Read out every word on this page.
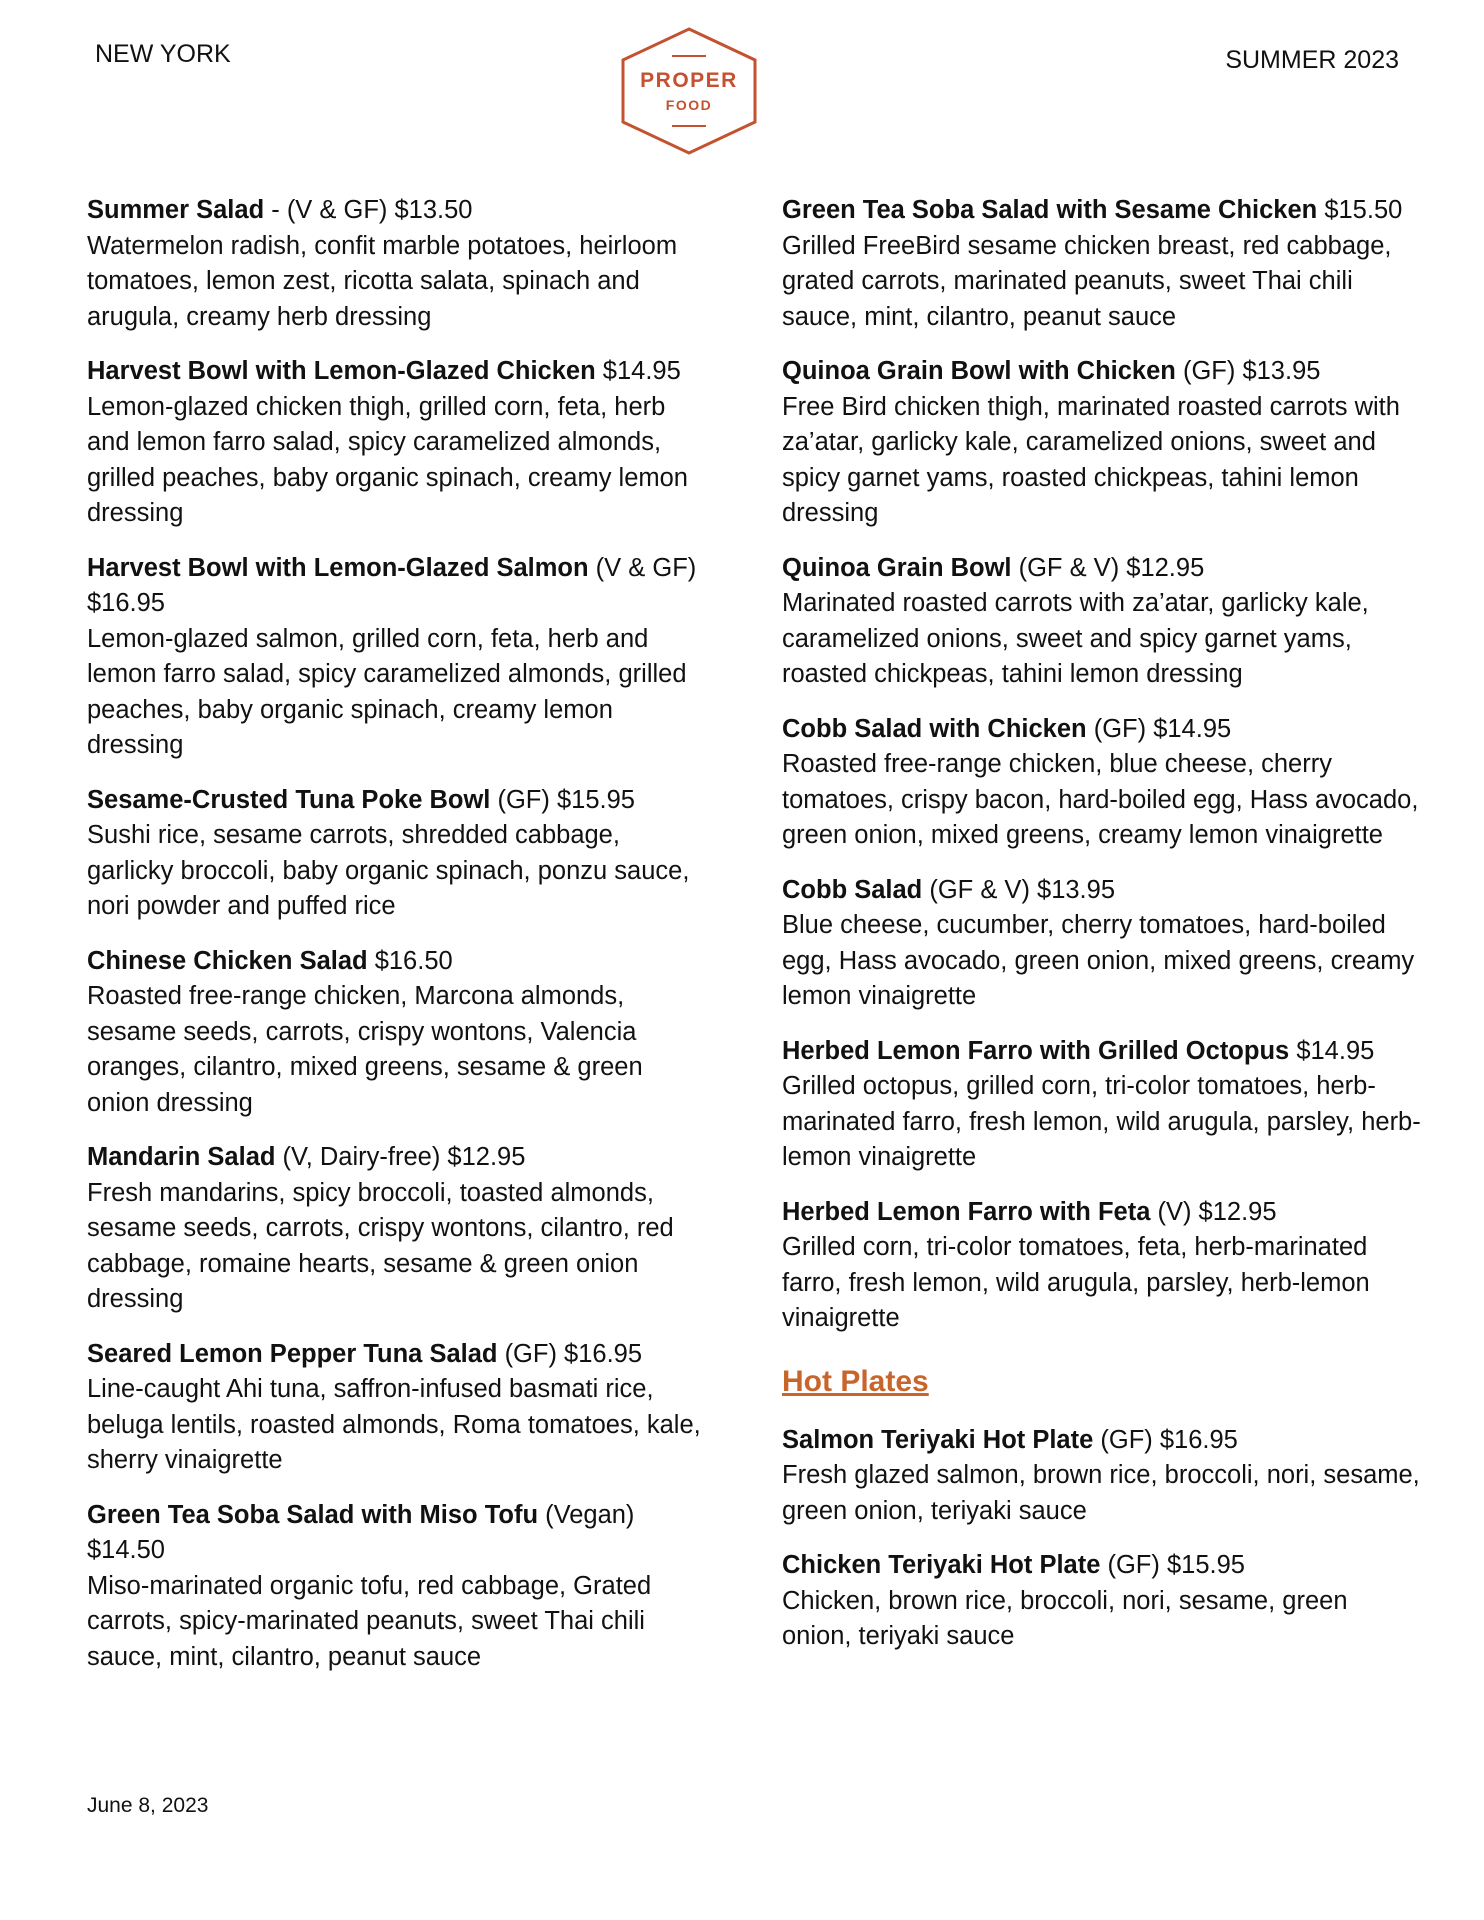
NEW YORK
PROPER
FOOD
SUMMER 2023
Summer Salad - (V & GF) $13.50
Watermelon radish, confit marble potatoes, heirloom tomatoes, lemon zest, ricotta salata, spinach and arugula, creamy herb dressing
Harvest Bowl with Lemon-Glazed Chicken $14.95
Lemon-glazed chicken thigh, grilled corn, feta, herb and lemon farro salad, spicy caramelized almonds, grilled peaches, baby organic spinach, creamy lemon dressing
Harvest Bowl with Lemon-Glazed Salmon (V & GF) $16.95
Lemon-glazed salmon, grilled corn, feta, herb and lemon farro salad, spicy caramelized almonds, grilled peaches, baby organic spinach, creamy lemon dressing
Sesame-Crusted Tuna Poke Bowl (GF) $15.95
Sushi rice, sesame carrots, shredded cabbage, garlicky broccoli, baby organic spinach, ponzu sauce, nori powder and puffed rice
Chinese Chicken Salad $16.50
Roasted free-range chicken, Marcona almonds, sesame seeds, carrots, crispy wontons, Valencia oranges, cilantro, mixed greens, sesame & green onion dressing
Mandarin Salad (V, Dairy-free) $12.95
Fresh mandarins, spicy broccoli, toasted almonds, sesame seeds, carrots, crispy wontons, cilantro, red cabbage, romaine hearts, sesame & green onion dressing
Seared Lemon Pepper Tuna Salad (GF) $16.95
Line-caught Ahi tuna, saffron-infused basmati rice, beluga lentils, roasted almonds, Roma tomatoes, kale, sherry vinaigrette
Green Tea Soba Salad with Miso Tofu (Vegan) $14.50
Miso-marinated organic tofu, red cabbage, Grated carrots, spicy-marinated peanuts, sweet Thai chili sauce, mint, cilantro, peanut sauce
Green Tea Soba Salad with Sesame Chicken $15.50
Grilled FreeBird sesame chicken breast, red cabbage, grated carrots, marinated peanuts, sweet Thai chili sauce, mint, cilantro, peanut sauce
Quinoa Grain Bowl with Chicken (GF) $13.95
Free Bird chicken thigh, marinated roasted carrots with za’atar, garlicky kale, caramelized onions, sweet and spicy garnet yams, roasted chickpeas, tahini lemon dressing
Quinoa Grain Bowl (GF & V) $12.95
Marinated roasted carrots with za’atar, garlicky kale, caramelized onions, sweet and spicy garnet yams, roasted chickpeas, tahini lemon dressing
Cobb Salad with Chicken (GF) $14.95
Roasted free-range chicken, blue cheese, cherry tomatoes, crispy bacon, hard-boiled egg, Hass avocado, green onion, mixed greens, creamy lemon vinaigrette
Cobb Salad (GF & V) $13.95
Blue cheese, cucumber, cherry tomatoes, hard-boiled egg, Hass avocado, green onion, mixed greens, creamy lemon vinaigrette
Herbed Lemon Farro with Grilled Octopus $14.95
Grilled octopus, grilled corn, tri-color tomatoes, herb-marinated farro, fresh lemon, wild arugula, parsley, herb-lemon vinaigrette
Herbed Lemon Farro with Feta (V) $12.95
Grilled corn, tri-color tomatoes, feta, herb-marinated farro, fresh lemon, wild arugula, parsley, herb-lemon vinaigrette
Hot Plates
Salmon Teriyaki Hot Plate (GF) $16.95
Fresh glazed salmon, brown rice, broccoli, nori, sesame, green onion, teriyaki sauce
Chicken Teriyaki Hot Plate (GF) $15.95
Chicken, brown rice, broccoli, nori, sesame, green onion, teriyaki sauce
June 8, 2023
